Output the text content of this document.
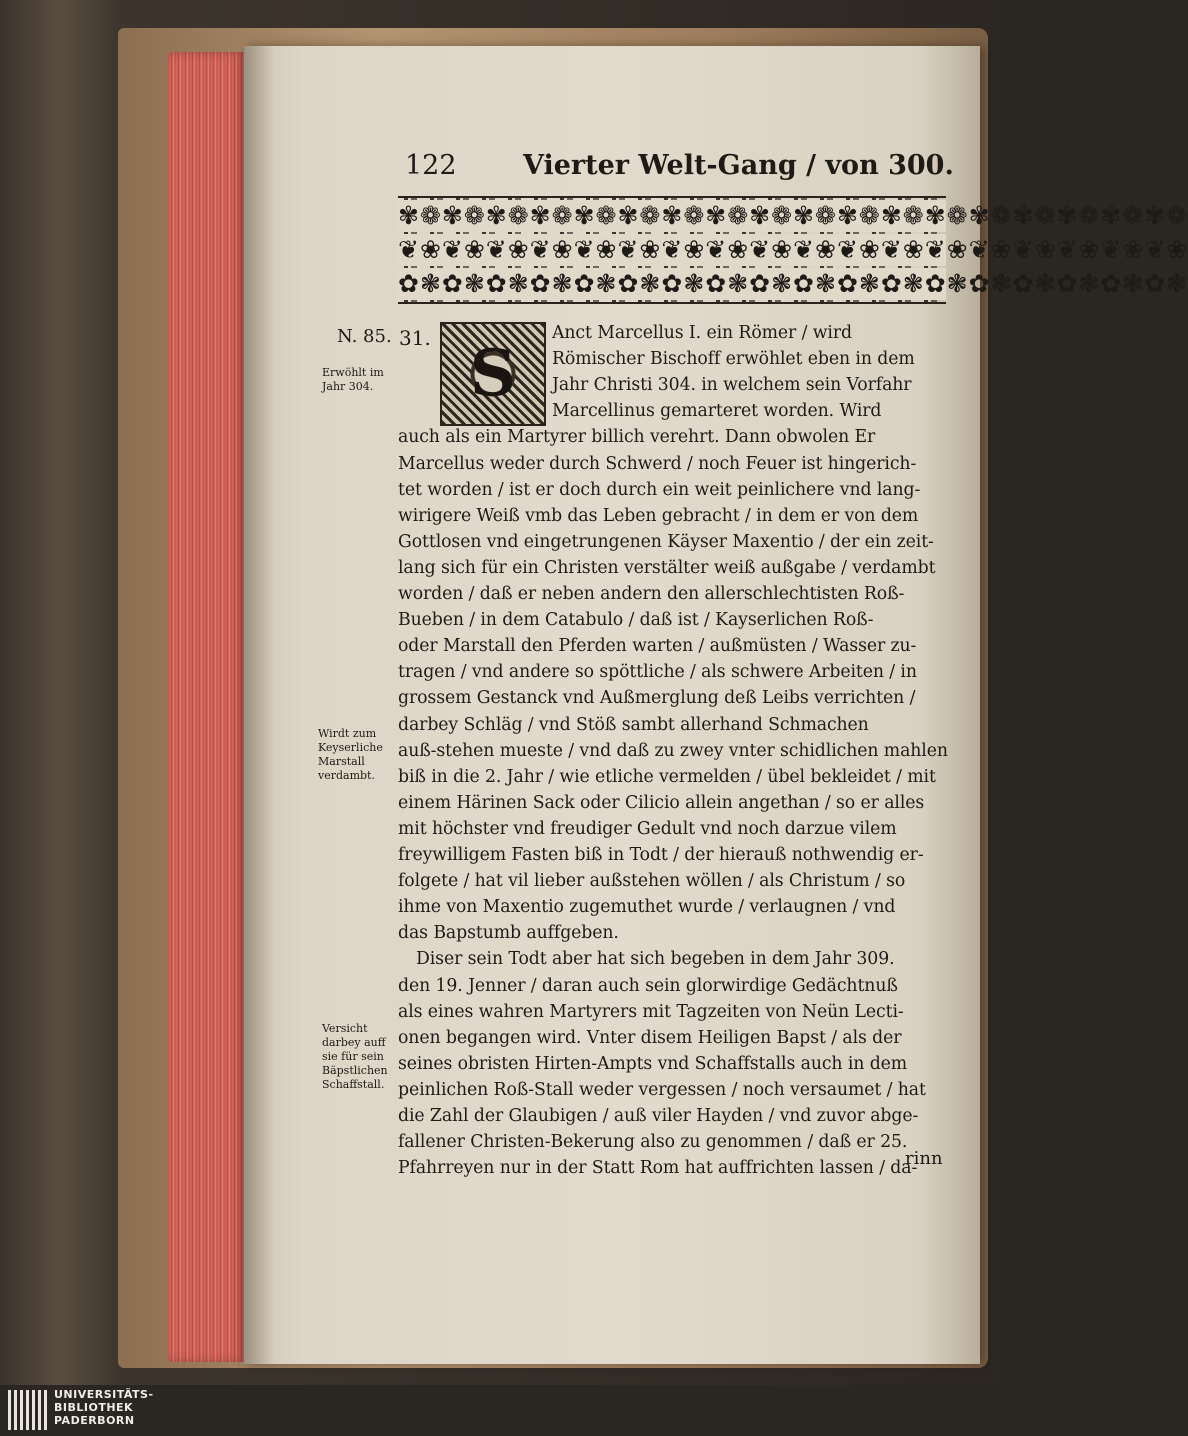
122 Vierter Welt-Gang / von 300.
✾❁✾❁✾❁✾❁✾❁✾❁✾❁✾❁✾❁✾❁✾❁✾❁✾❁✾❁✾❁✾❁✾❁✾❁
❦❀❦❀❦❀❦❀❦❀❦❀❦❀❦❀❦❀❦❀❦❀❦❀❦❀❦❀❦❀❦❀❦❀❦❀
✿❃✿❃✿❃✿❃✿❃✿❃✿❃✿❃✿❃✿❃✿❃✿❃✿❃✿❃✿❃✿❃✿❃✿❃
N. 85. 31. S
Erwöhlt im
Jahr 304.
Wirdt zum
Keyserliche
Marstall
verdambt.
Versicht
darbey auff
sie für sein
Bäpstlichen
Schaffstall.
Anct Marcellus I. ein Römer / wird
Römischer Bischoff erwöhlet eben in dem
Jahr Christi 304. in welchem sein Vorfahr
Marcellinus gemarteret worden. Wird
auch als ein Martyrer billich verehrt. Dann obwolen Er
Marcellus weder durch Schwerd / noch Feuer ist hingerich-
tet worden / ist er doch durch ein weit peinlichere vnd lang-
wirigere Weiß vmb das Leben gebracht / in dem er von dem
Gottlosen vnd eingetrungenen Käyser Maxentio / der ein zeit-
lang sich für ein Christen verstälter weiß außgabe / verdambt
worden / daß er neben andern den allerschlechtisten Roß-
Bueben / in dem Catabulo / daß ist / Kayserlichen Roß-
oder Marstall den Pferden warten / außmüsten / Wasser zu-
tragen / vnd andere so spöttliche / als schwere Arbeiten / in
grossem Gestanck vnd Außmerglung deß Leibs verrichten /
darbey Schläg / vnd Stöß sambt allerhand Schmachen
auß-stehen mueste / vnd daß zu zwey vnter schidlichen mahlen
biß in die 2. Jahr / wie etliche vermelden / übel bekleidet / mit
einem Härinen Sack oder Cilicio allein angethan / so er alles
mit höchster vnd freudiger Gedult vnd noch darzue vilem
freywilligem Fasten biß in Todt / der hierauß nothwendig er-
folgete / hat vil lieber außstehen wöllen / als Christum / so
ihme von Maxentio zugemuthet wurde / verlaugnen / vnd
das Bapstumb auffgeben.
Diser sein Todt aber hat sich begeben in dem Jahr 309.
den 19. Jenner / daran auch sein glorwirdige Gedächtnuß
als eines wahren Martyrers mit Tagzeiten von Neün Lecti-
onen begangen wird. Vnter disem Heiligen Bapst / als der
seines obristen Hirten-Ampts vnd Schaffstalls auch in dem
peinlichen Roß-Stall weder vergessen / noch versaumet / hat
die Zahl der Glaubigen / auß viler Hayden / vnd zuvor abge-
fallener Christen-Bekerung also zu genommen / daß er 25.
Pfahrreyen nur in der Statt Rom hat auffrichten lassen / da-
rinn
UNIVERSITÄTS-
BIBLIOTHEK
PADERBORN
